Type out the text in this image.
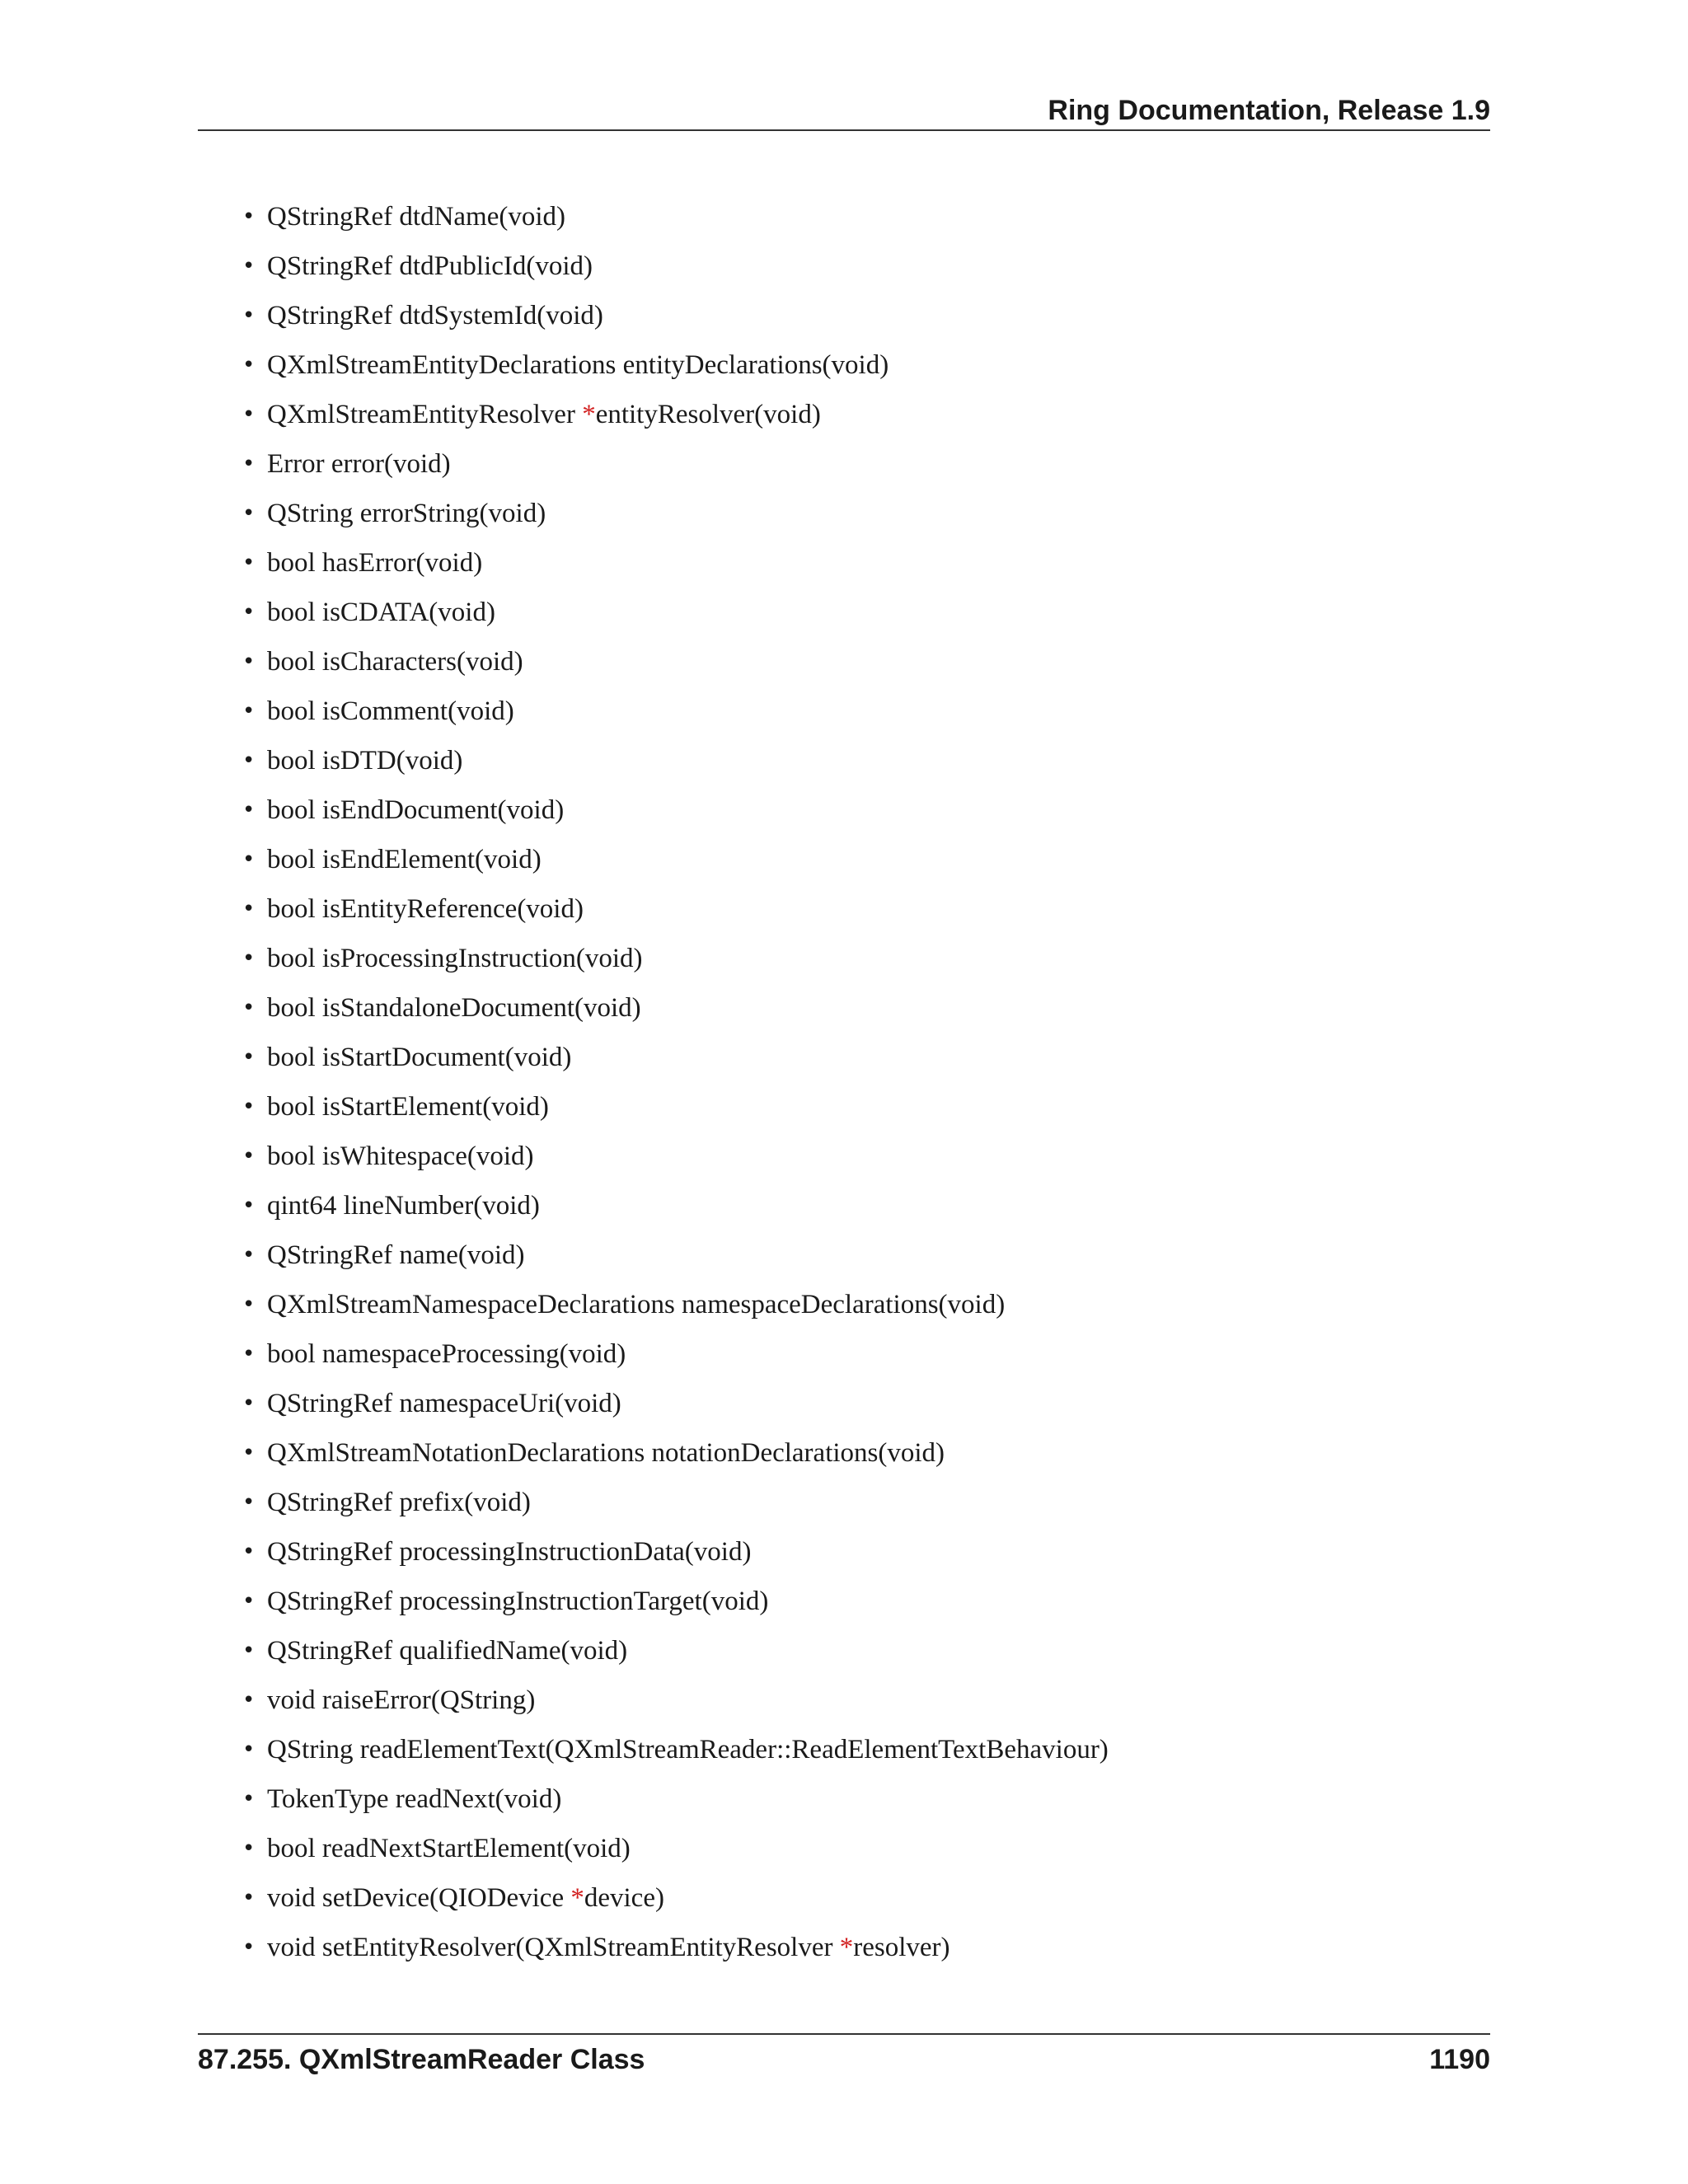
Ring Documentation, Release 1.9
• QStringRef dtdName(void)
• QStringRef dtdPublicId(void)
• QStringRef dtdSystemId(void)
• QXmlStreamEntityDeclarations entityDeclarations(void)
• QXmlStreamEntityResolver *entityResolver(void)
• Error error(void)
• QString errorString(void)
• bool hasError(void)
• bool isCDATA(void)
• bool isCharacters(void)
• bool isComment(void)
• bool isDTD(void)
• bool isEndDocument(void)
• bool isEndElement(void)
• bool isEntityReference(void)
• bool isProcessingInstruction(void)
• bool isStandaloneDocument(void)
• bool isStartDocument(void)
• bool isStartElement(void)
• bool isWhitespace(void)
• qint64 lineNumber(void)
• QStringRef name(void)
• QXmlStreamNamespaceDeclarations namespaceDeclarations(void)
• bool namespaceProcessing(void)
• QStringRef namespaceUri(void)
• QXmlStreamNotationDeclarations notationDeclarations(void)
• QStringRef prefix(void)
• QStringRef processingInstructionData(void)
• QStringRef processingInstructionTarget(void)
• QStringRef qualifiedName(void)
• void raiseError(QString)
• QString readElementText(QXmlStreamReader::ReadElementTextBehaviour)
• TokenType readNext(void)
• bool readNextStartElement(void)
• void setDevice(QIODevice *device)
• void setEntityResolver(QXmlStreamEntityResolver *resolver)
87.255. QXmlStreamReader Class	1190
